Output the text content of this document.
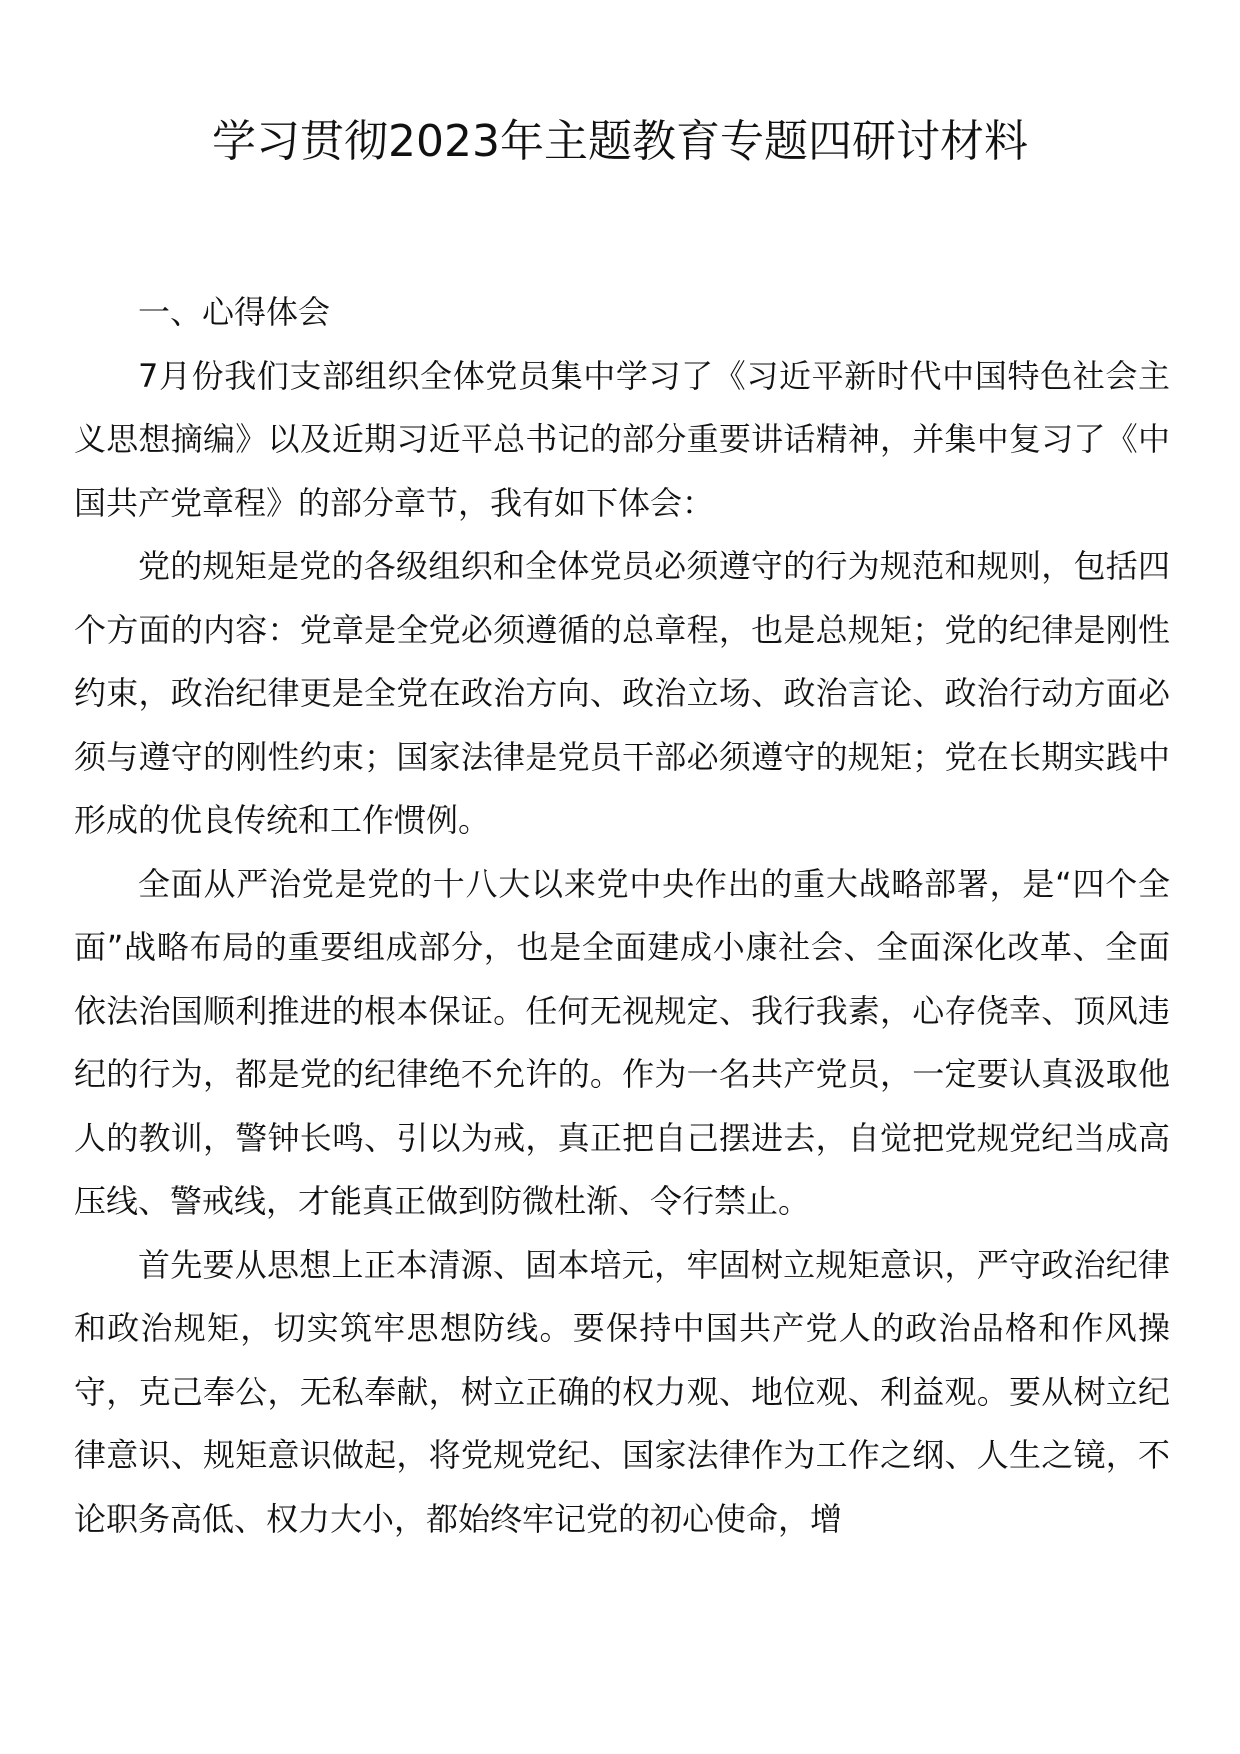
学习贯彻2023年主题教育专题四研讨材料

一、心得体会

7月份我们支部组织全体党员集中学习了《习近平新时代中国特色社会主义思想摘编》以及近期习近平总书记的部分重要讲话精神，并集中复习了《中国共产党章程》的部分章节，我有如下体会：

党的规矩是党的各级组织和全体党员必须遵守的行为规范和规则，包括四个方面的内容：党章是全党必须遵循的总章程，也是总规矩；党的纪律是刚性约束，政治纪律更是全党在政治方向、政治立场、政治言论、政治行动方面必须与遵守的刚性约束；国家法律是党员干部必须遵守的规矩；党在长期实践中形成的优良传统和工作惯例。

全面从严治党是党的十八大以来党中央作出的重大战略部署，是“四个全面”战略布局的重要组成部分，也是全面建成小康社会、全面深化改革、全面依法治国顺利推进的根本保证。任何无视规定、我行我素，心存侥幸、顶风违纪的行为，都是党的纪律绝不允许的。作为一名共产党员，一定要认真汲取他人的教训，警钟长鸣、引以为戒，真正把自己摆进去，自觉把党规党纪当成高压线、警戒线，才能真正做到防微杜渐、令行禁止。

首先要从思想上正本清源、固本培元，牢固树立规矩意识，严守政治纪律和政治规矩，切实筑牢思想防线。要保持中国共产党人的政治品格和作风操守，克己奉公，无私奉献，树立正确的权力观、地位观、利益观。要从树立纪律意识、规矩意识做起，将党规党纪、国家法律作为工作之纲、人生之镜，不论职务高低、权力大小，都始终牢记党的初心使命，增
